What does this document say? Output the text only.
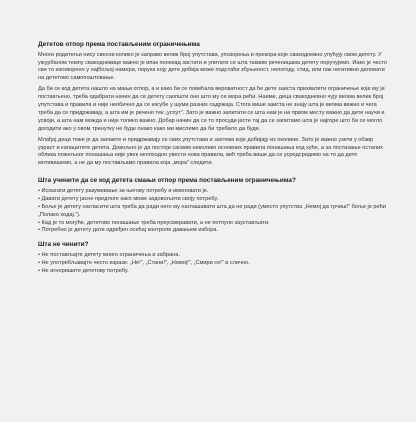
Дететов отпор према постављеним ограничењима

Многи родитељи нису свесни колико је заправо велик број упутстава, упозорења и прекора које свакодневно упућују свом детету. У ужурбаном темпу свакодневице важно је ипак понекад застати и упитати се шта таквим реченицама детету поручујемо. Иако је често све то изговорено у најбољој намери, порука коју дете добија може подстаћи збуњеност, непогоду, стид, или пак негативно деловати на дететово самопоштовање.

Да би се код детета нашло на мањи отпор, а и како би се повећала вероватност да ће дете заиста прихватити ограничење које му је постављено, треба одабрати начин да се детету саопшти оно што му се мора рећи. Наиме, деца свакодневно чују веома велик број упутстава и правила и није необично да се изгубе у шуми разних садржаја. Стога више заиста не знају шта је веома важно и чега треба да се придржавају, а шта им је речено тек „успут”. Зато је важно запитати се шта нам је на првом месту важно да дете научи и усвоји, а шта нам можда и није толико важно. Добар начин да се то просуди јесте тај да се запитамо шта је најгоре што би се могло догодити ако у овом тренутку не буде онако како ми мислимо да би требало да буде.

Млађој деци теже је да запамте и придржавају се свих упутстава и захтева које добијају из околине. Зато је важно узети у обзир узраст и капацитете детета. Довољно је да постоји сасвим неколико основних правила понашања код куће, а за постизање осталих облика пожељног понашања није увек неопходно увести нова правила, већ треба више да се усредсредимо на то да дете мотивишемо, а не да му постављамо правила која „морa” следити.

Шта учинити да се код детета смањи отпор према постављеним ограничењима?
• Искazати детету разумевање за његову потребу и именовати je.
• Давати детету јасне предлоге како може задовољити своју потребу.
• Боље је детету нагласити шта треба да ради него му наглашавати шта да не ради (уместо упутства „Немој да трчиш!” боље је рећи „Полако ходај.”).
• Кад је то могуће, дететово понашање треба преусмеравати, а не потпуно заустављати.
• Потребно је детету дати одређен осећај контроле давањем избора.
Шта не чинити?
• Не постављајте детету много ограничења и забрана.
• Не употребљавајте често изразе: „Не!”, „Стани!”, „Немој!”, „Смири се!” и слично.
• Не игноришите дететову потребу.
